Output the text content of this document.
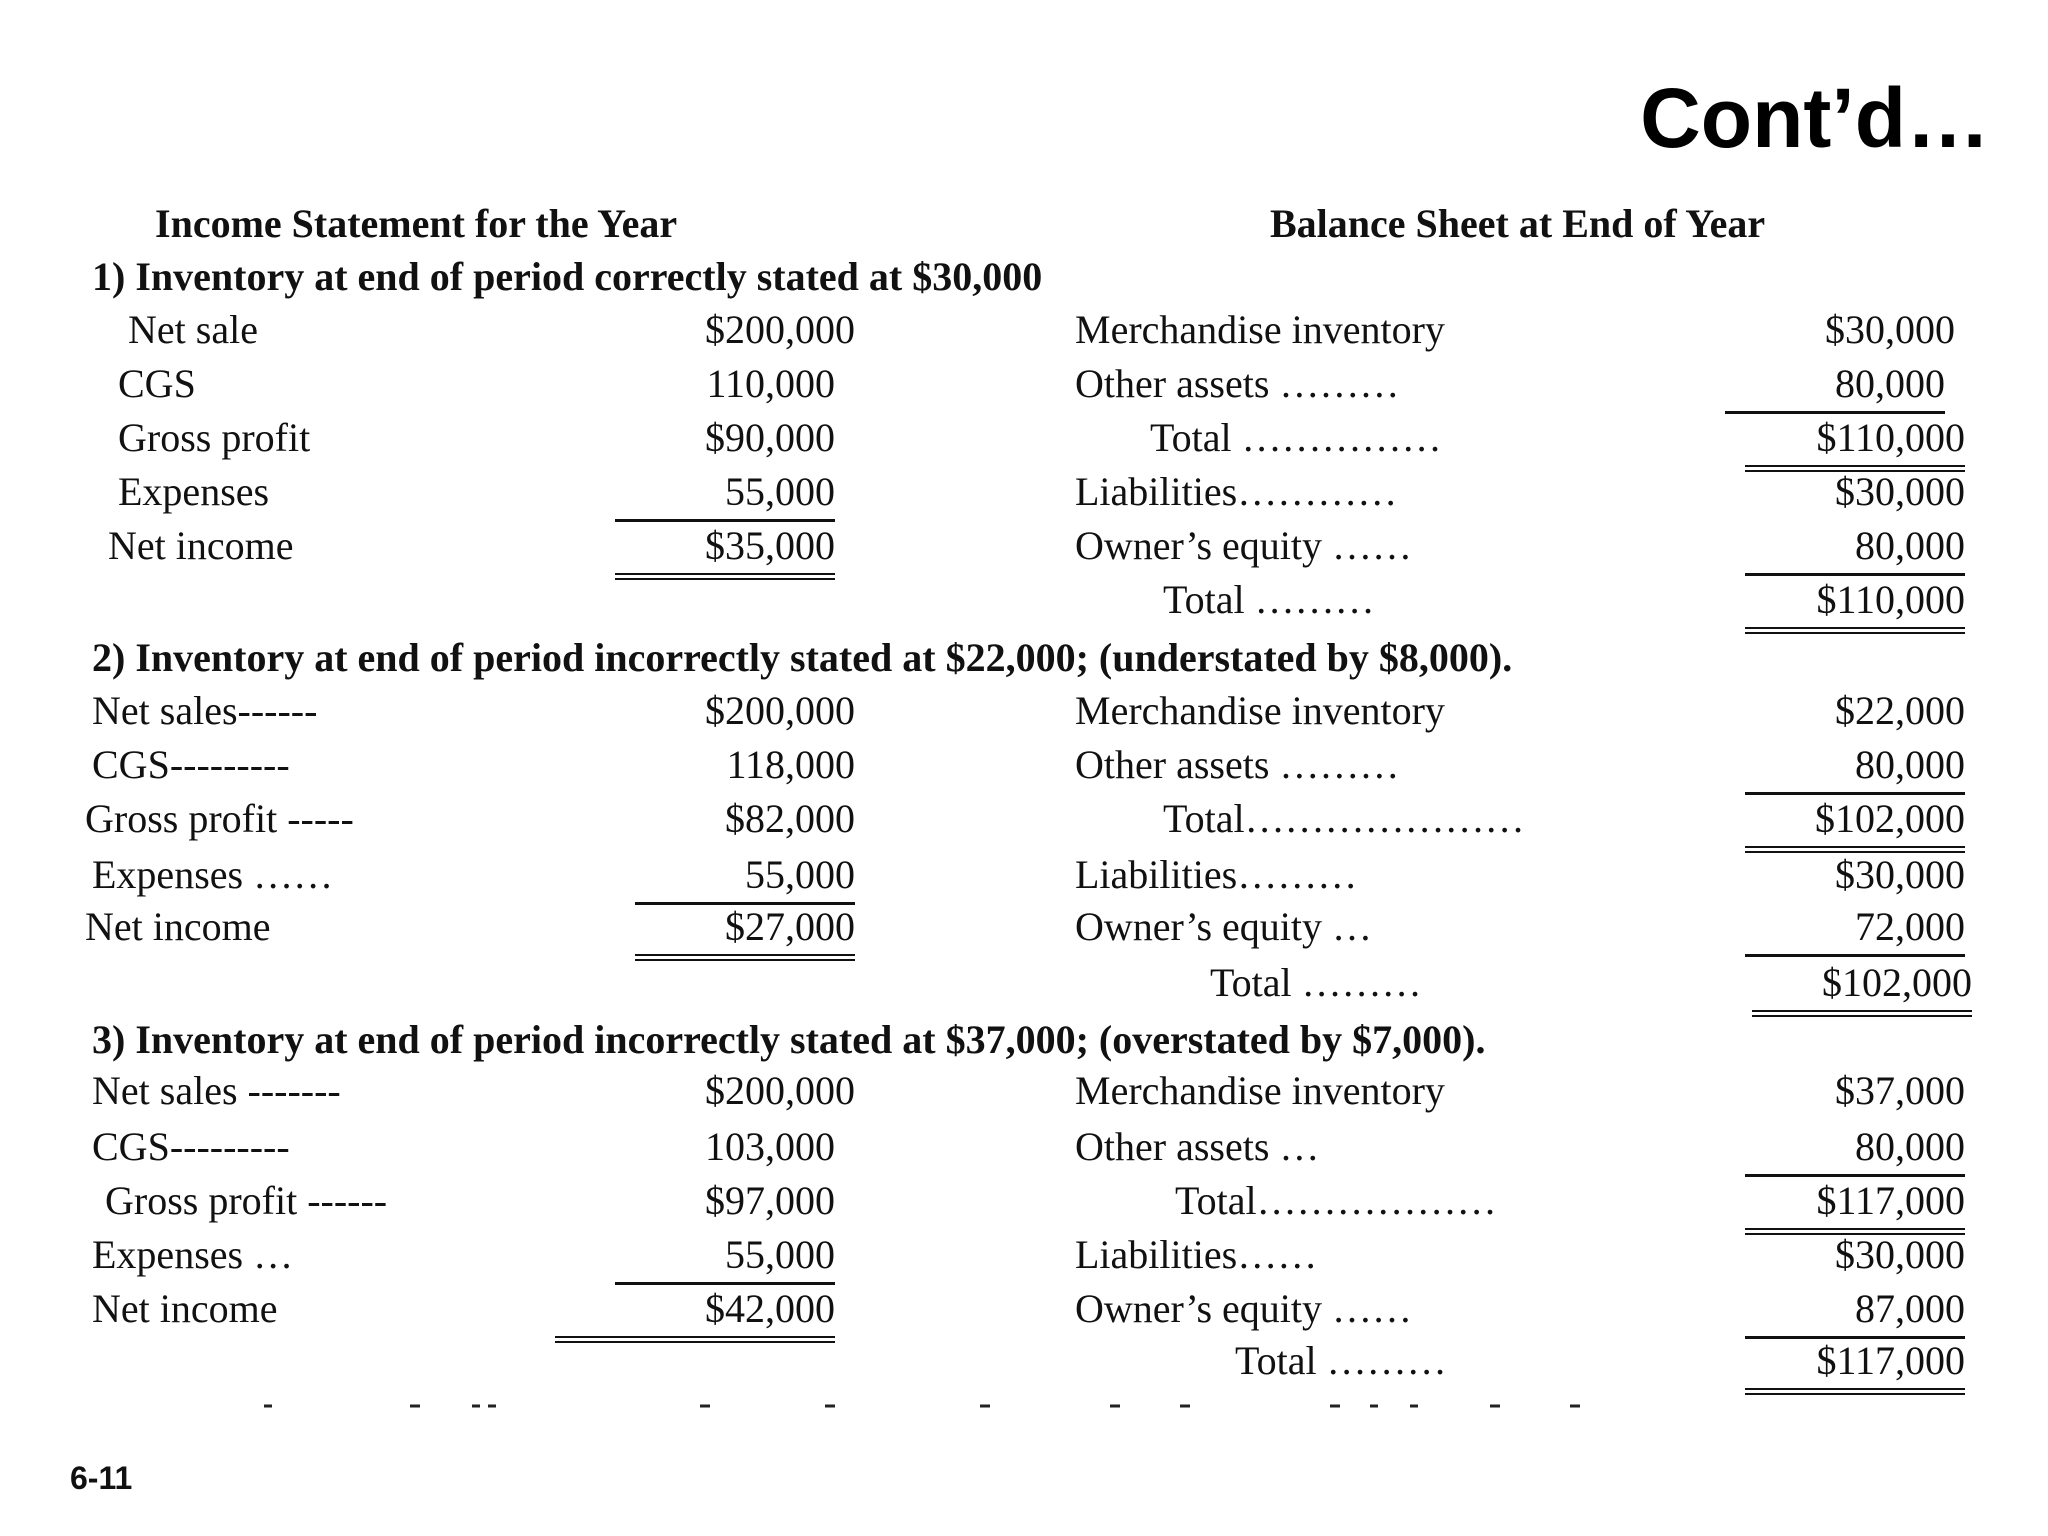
Cont’d…
Income Statement for the Year	Balance Sheet at End of Year
1) Inventory at end of period correctly stated at $30,000
Net sale	$200,000
CGS	110,000
Gross profit	$90,000
Expenses	55,000
Net income	$35,000
Merchandise inventory	$30,000
Other assets ………	80,000
Total ……………	$110,000
Liabilities…………	$30,000
Owner’s equity ……	80,000
Total ………	$110,000
2) Inventory at end of period incorrectly stated at $22,000; (understated by $8,000).
Net sales------	$200,000
CGS---------	118,000
Gross profit -----	$82,000
Expenses ……	55,000
Net income	$27,000
Merchandise inventory	$22,000
Other assets ………	80,000
Total…………………	$102,000
Liabilities………	$30,000
Owner’s equity …	72,000
Total ………	$102,000
3) Inventory at end of period incorrectly stated at $37,000; (overstated by $7,000).
Net sales -------	$200,000
CGS---------	103,000
Gross profit ------	$97,000
Expenses …	55,000
Net income	$42,000
Merchandise inventory	$37,000
Other assets …	80,000
Total………………	$117,000
Liabilities……	$30,000
Owner’s equity ……	87,000
Total ………	$117,000
6-11
